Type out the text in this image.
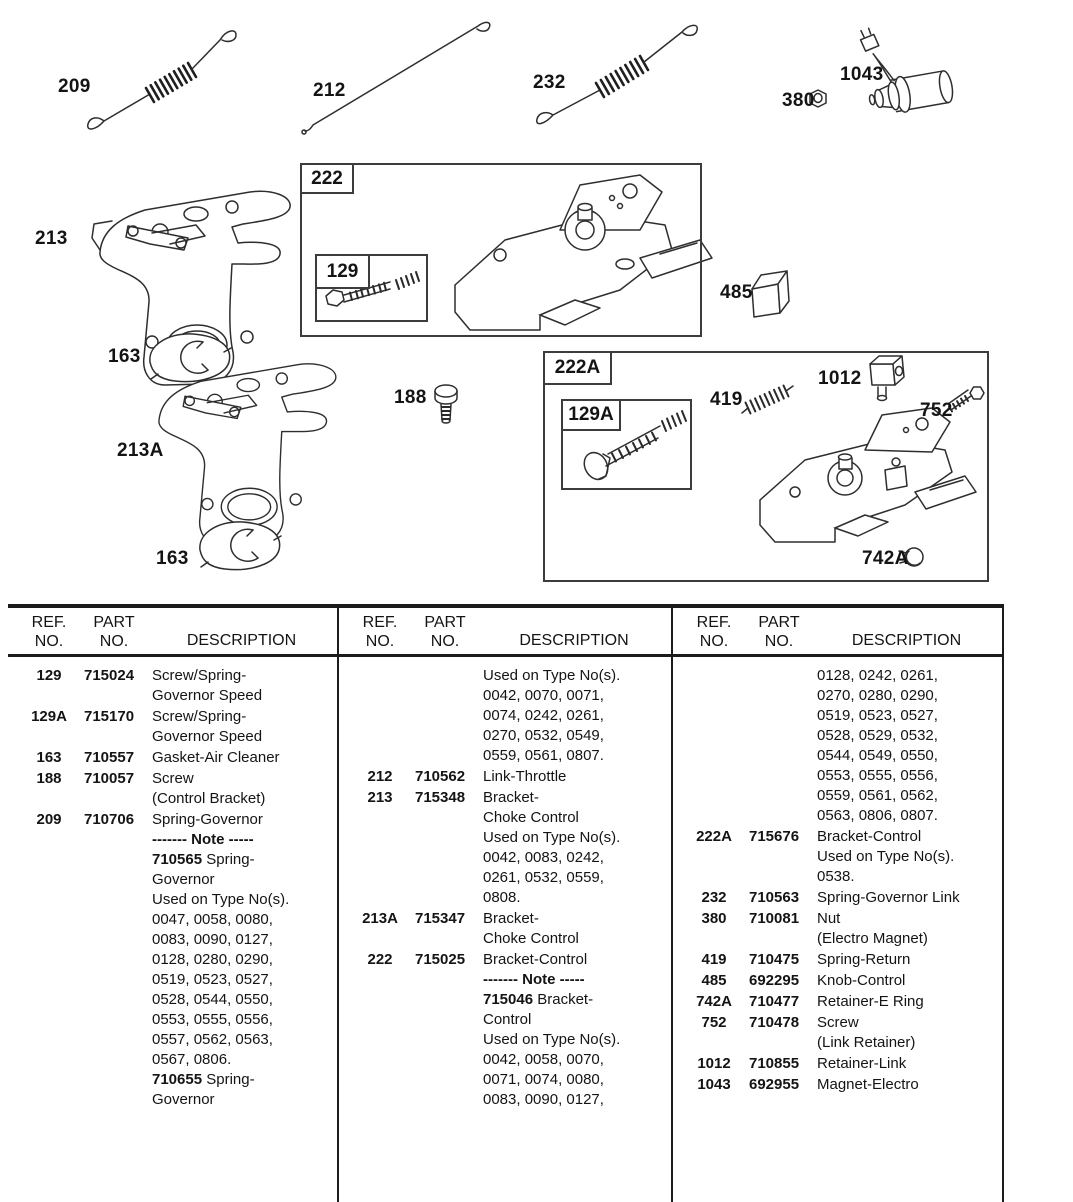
222
129
222A
129A
209	212	232	1043
380
213
163
485
188	419
1012
752
742A
213A
163
REF.
NO.
PART
NO.	DESCRIPTION
REF.
NO.
PART
NO.	DESCRIPTION
REF.
NO.
PART
NO.	DESCRIPTION
129	715024	Screw/Spring-
Governor Speed
129A	715170	Screw/Spring-
Governor Speed
163	710557	Gasket-Air Cleaner
188	710057	Screw
(Control Bracket)
209	710706	Spring-Governor
------- Note -----
710565 Spring-
Governor
Used on Type No(s).
0047, 0058, 0080,
0083, 0090, 0127,
0128, 0280, 0290,
0519, 0523, 0527,
0528, 0544, 0550,
0553, 0555, 0556,
0557, 0562, 0563,
0567, 0806.
710655 Spring-
Governor
Used on Type No(s).
0042, 0070, 0071,
0074, 0242, 0261,
0270, 0532, 0549,
0559, 0561, 0807.
212	710562	Link-Throttle
213	715348	Bracket-
Choke Control
Used on Type No(s).
0042, 0083, 0242,
0261, 0532, 0559,
0808.
213A	715347	Bracket-
Choke Control
222	715025	Bracket-Control
------- Note -----
715046 Bracket-
Control
Used on Type No(s).
0042, 0058, 0070,
0071, 0074, 0080,
0083, 0090, 0127,
0128, 0242, 0261,
0270, 0280, 0290,
0519, 0523, 0527,
0528, 0529, 0532,
0544, 0549, 0550,
0553, 0555, 0556,
0559, 0561, 0562,
0563, 0806, 0807.
222A	715676	Bracket-Control
Used on Type No(s).
0538.
232	710563	Spring-Governor Link
380	710081	Nut
(Electro Magnet)
419	710475	Spring-Return
485	692295	Knob-Control
742A	710477	Retainer-E Ring
752	710478	Screw
(Link Retainer)
1012	710855	Retainer-Link
1043	692955	Magnet-Electro
